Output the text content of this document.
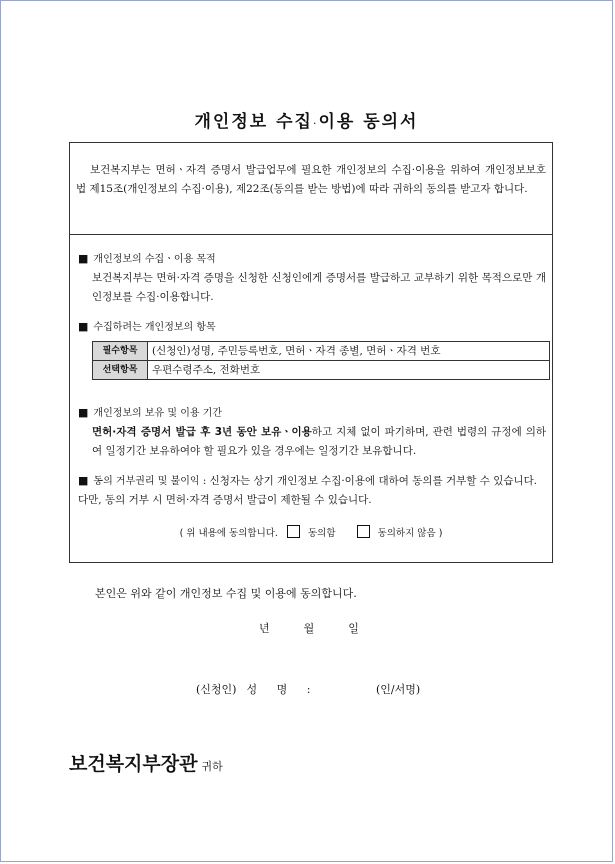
개인정보 수집·이용 동의서
보건복지부는 면허ㆍ자격 증명서 발급업무에 필요한 개인정보의 수집·이용을 위하여 개인정보보호법 제15조(개인정보의 수집·이용), 제22조(동의를 받는 방법)에 따라 귀하의 동의를 받고자 합니다.
■ 개인정보의 수집ㆍ이용 목적
보건복지부는 면허·자격 증명을 신청한 신청인에게 증명서를 발급하고 교부하기 위한 목적으로만 개인정보를 수집·이용합니다.
■ 수집하려는 개인정보의 항목
필수항목	(신청인)성명, 주민등록번호, 면허ㆍ자격 종별, 면허ㆍ자격 번호
선택항목	우편수령주소, 전화번호
■ 개인정보의 보유 및 이용 기간
면허·자격 증명서 발급 후 3년 동안 보유ㆍ이용하고 지체 없이 파기하며, 관련 법령의 규정에 의하여 일정기간 보유하여야 할 필요가 있을 경우에는 일정기간 보유합니다.
■ 동의 거부권리 및 불이익 : 신청자는 상기 개인정보 수집·이용에 대하여 동의를 거부할 수 있습니다. 다만, 동의 거부 시 면허·자격 증명서 발급이 제한될 수 있습니다.
( 위 내용에 동의합니다.	동의함	동의하지 않음 )
본인은 위와 같이 개인정보 수집 및 이용에 동의합니다.
년	월	일
(신청인) 성 명 :	(인/서명)
보건복지부장관 귀하
